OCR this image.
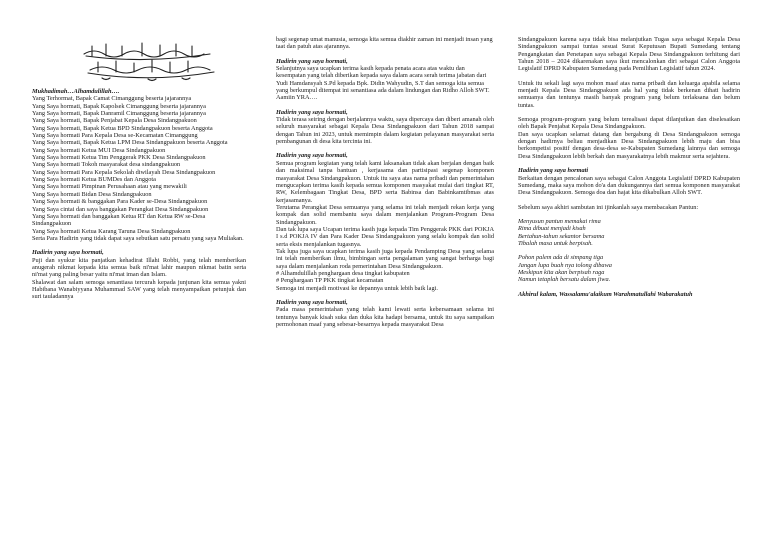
Mukhadimah…Alhamdulillah….

Yang Terhormat, Bapak Camat Cimanggung beserta jajarannya

Yang Saya hormati, Bapak Kapolsek Cimanggung beserta jajarannya

Yang Saya hormati, Bapak Danramil Cimanggung beserta jajarannya

Yang Saya hormati, Bapak Penjabat Kepala Desa Sindangpakuon

Yang Saya hormati, Bapak Ketua BPD Sindangpakuon beserta Anggota

Yang Saya hormati Para Kepala Desa se-Kecamatan Cimanggung

Yang Saya hormati, Bapak Ketua LPM Desa Sindangpakuon beserta Anggota

Yang Saya hormati Ketua MUI Desa Sindangpakuon

Yang Saya hormati Ketua Tim Penggerak PKK Desa Sindangpakuon

Yang Saya hormati Tokoh masyarakat desa sindangpakuon

Yang Saya hormati Para Kepala Sekolah diwilayah Desa Sindangpakuon

Yang Saya hormati Ketua BUMDes dan Anggota

Yang Saya hormati Pimpinan Perusahaan atau yang mewakili

Yang Saya hormati Bidan Desa Sindangpakuon

Yang Saya hormati & banggakan Para Kader se-Desa Sindangpakuon

Yang Saya cintai dan saya banggakan Perangkat Desa Sindangpakuon

Yang Saya hormati dan banggakan Ketua RT dan Ketua RW se-Desa Sindangpakuon

Yang Saya hormati Ketua Karang Taruna Desa Sindangpakuon

Serta Para Hadirin yang tidak dapat saya sebutkan satu persatu yang saya Muliakan.

Hadirin yang saya hormati,

Puji dan syukur kita panjatkan kehadirat Illahi Robbi, yang telah memberikan anugerah nikmat kepada kita semua baik ni'mat lahir maupun nikmat batin serta ni'mat yang paling besar yaitu ni'mat iman dan Islam.

Shalawat dan salam semoga senantiasa tercurah kepada junjunan kita semua yakni Habibana Wanabiyyana Muhammad SAW yang telah menyampaikan petunjuk dan suri tauladannya

bagi segenap umat manusia, semoga kita semua diakhir zaman ini menjadi insan yang taat dan patuh atas ajarannya.

Hadirin yang saya hormati,

Selanjutnya saya ucapkan terima kasih kepada penata acara atas waktu dan kesempatan yang telah diberikan kepada saya dalam acara serah terima jabatan dari Yudi Hamdansyah S.Pd kepada Bpk. Didin Wahyudin, S.T dan semoga kita semua yang berkumpul ditempat ini senantiasa ada dalam lindungan dan Ridho Alloh SWT. Aamiin YRA….

Hadirin yang saya hormati,

Tidak terasa seiring dengan berjalannya waktu, saya dipercaya dan diberi amanah oleh seluruh masyarakat sebagai Kepala Desa Sindangpakuon dari Tahun 2018 sampai dengan Tahun ini 2023, untuk memimpin dalam kegiatan pelayanan masyarakat serta pembangunan di desa kita tercinta ini.

Hadirin yang saya hormati,

Semua program kegiatan yang telah kami laksanakan tidak akan berjalan dengan baik dan maksimal tanpa bantuan , kerjasama dan partisipasi segenap komponen masyarakat Desa Sindangpakuon. Untuk itu saya atas nama pribadi dan pemerintahan mengucapkan terima kasih kepada semua komponen masyakat mulai dari tingkat RT, RW, Kelembagaan Tingkat Desa, BPD serta Babinsa dan Babinkamtibmas atas kerjasamanya.

Terutama Perangkat Desa semuanya yang selama ini telah menjadi rekan kerja yang kompak dan solid membantu saya dalam menjalankan Program-Program Desa Sindangpakuon.

Dan tak lupa saya Ucapan terima kasih juga kepada Tim Penggerak PKK dari POKJA I s.d POKJA IV dan Para Kader Desa Sindangpakuon yang selalu kompak dan solid serta eksis menjalankan tugasnya.

Tak lupa juga saya ucapkan terima kasih juga kepada Pendamping Desa yang selama ini telah memberikan ilmu, bimbingan serta pengalaman yang sangat berharga bagi saya dalam menjalankan roda pemerintahan Desa Sindangpakuon.

# Alhamdulillah penghargaan desa tingkat kabupaten

# Penghargaan TP PKK tingkat kecamatan

Semoga ini menjadi motivasi ke depannya untuk lebih baik lagi.

Hadirin yang saya hormati,

Pada masa pemerintahan yang telah kami lewati serta kebersamaan selama ini tentunya banyak kisah suka dan duka kita hadapi bersama, untuk itu saya sampaikan permohonan maaf yang sebesar-besarnya kepada masyarakat Desa

Sindangpakuon karena saya tidak bisa melanjutkan Tugas saya sebagai Kepala Desa Sindangpakuon sampai tuntas sesuai Surat Keputusan Bupati Sumedang tentang Pengangkatan dan Penetapan saya sebagai Kepala Desa Sindangpakuon terhitung dari Tahun 2018 – 2024 dikarenakan saya ikut mencalonkan diri sebagai Calon Anggota Legislatif DPRD Kabupaten Sumedang pada Pemilihan Legislatif tahun 2024.

Untuk itu sekali lagi saya mohon maaf atas nama pribadi dan keluarga apabila selama menjadi Kepala Desa Sindangpakuon ada hal yang tidak berkenan dihati hadirin semuanya dan tentunya masih banyak program yang belum terlaksana dan belum tuntas.

Semoga program-program yang belum terealisasi dapat dilanjutkan dan diselesaikan oleh Bapak Penjabat Kepala Desa Sindangpakuon.

Dan saya ucapkan selamat datang dan bergabung di Desa Sindangpakuon semoga dengan hadirnya beliau menjadikan Desa Sindangpakuon lebih maju dan bisa berkompetisi positif dengan desa-desa se-Kabupaten Sumedang lainnya dan semoga Desa Sindangpakuon lebih berkah dan masyarakatnya lebih makmur serta sejahtera.

Hadirin yang saya hormati

Berkaitan dengan pencalonan saya sebagai Calon Anggota Legislatif DPRD Kabupaten Sumedang, maka saya mohon do'a dan dukungannya dari semua komponen masyarakat Desa Sindangpakuon. Semoga doa dan hajat kita dikabulkan Alloh SWT.

Sebelum saya akhiri sambutan ini ijinkanlah saya membacakan Pantun:

Menyusun pantun memakai rima

Rima dibuat menjadi kisah

Bertahun-tahun sekantor bersama

Tibalah masa untuk berpisah.

Pohon palem ada di simpang tiga

Jangan lupa buah nya tolong dibawa

Meskipun kita akan berpisah raga

Namun tetaplah bersatu dalam jiwa.

Akhirul kalam, Wassalamu'alaikum Warahmatullahi Wabarakatuh
